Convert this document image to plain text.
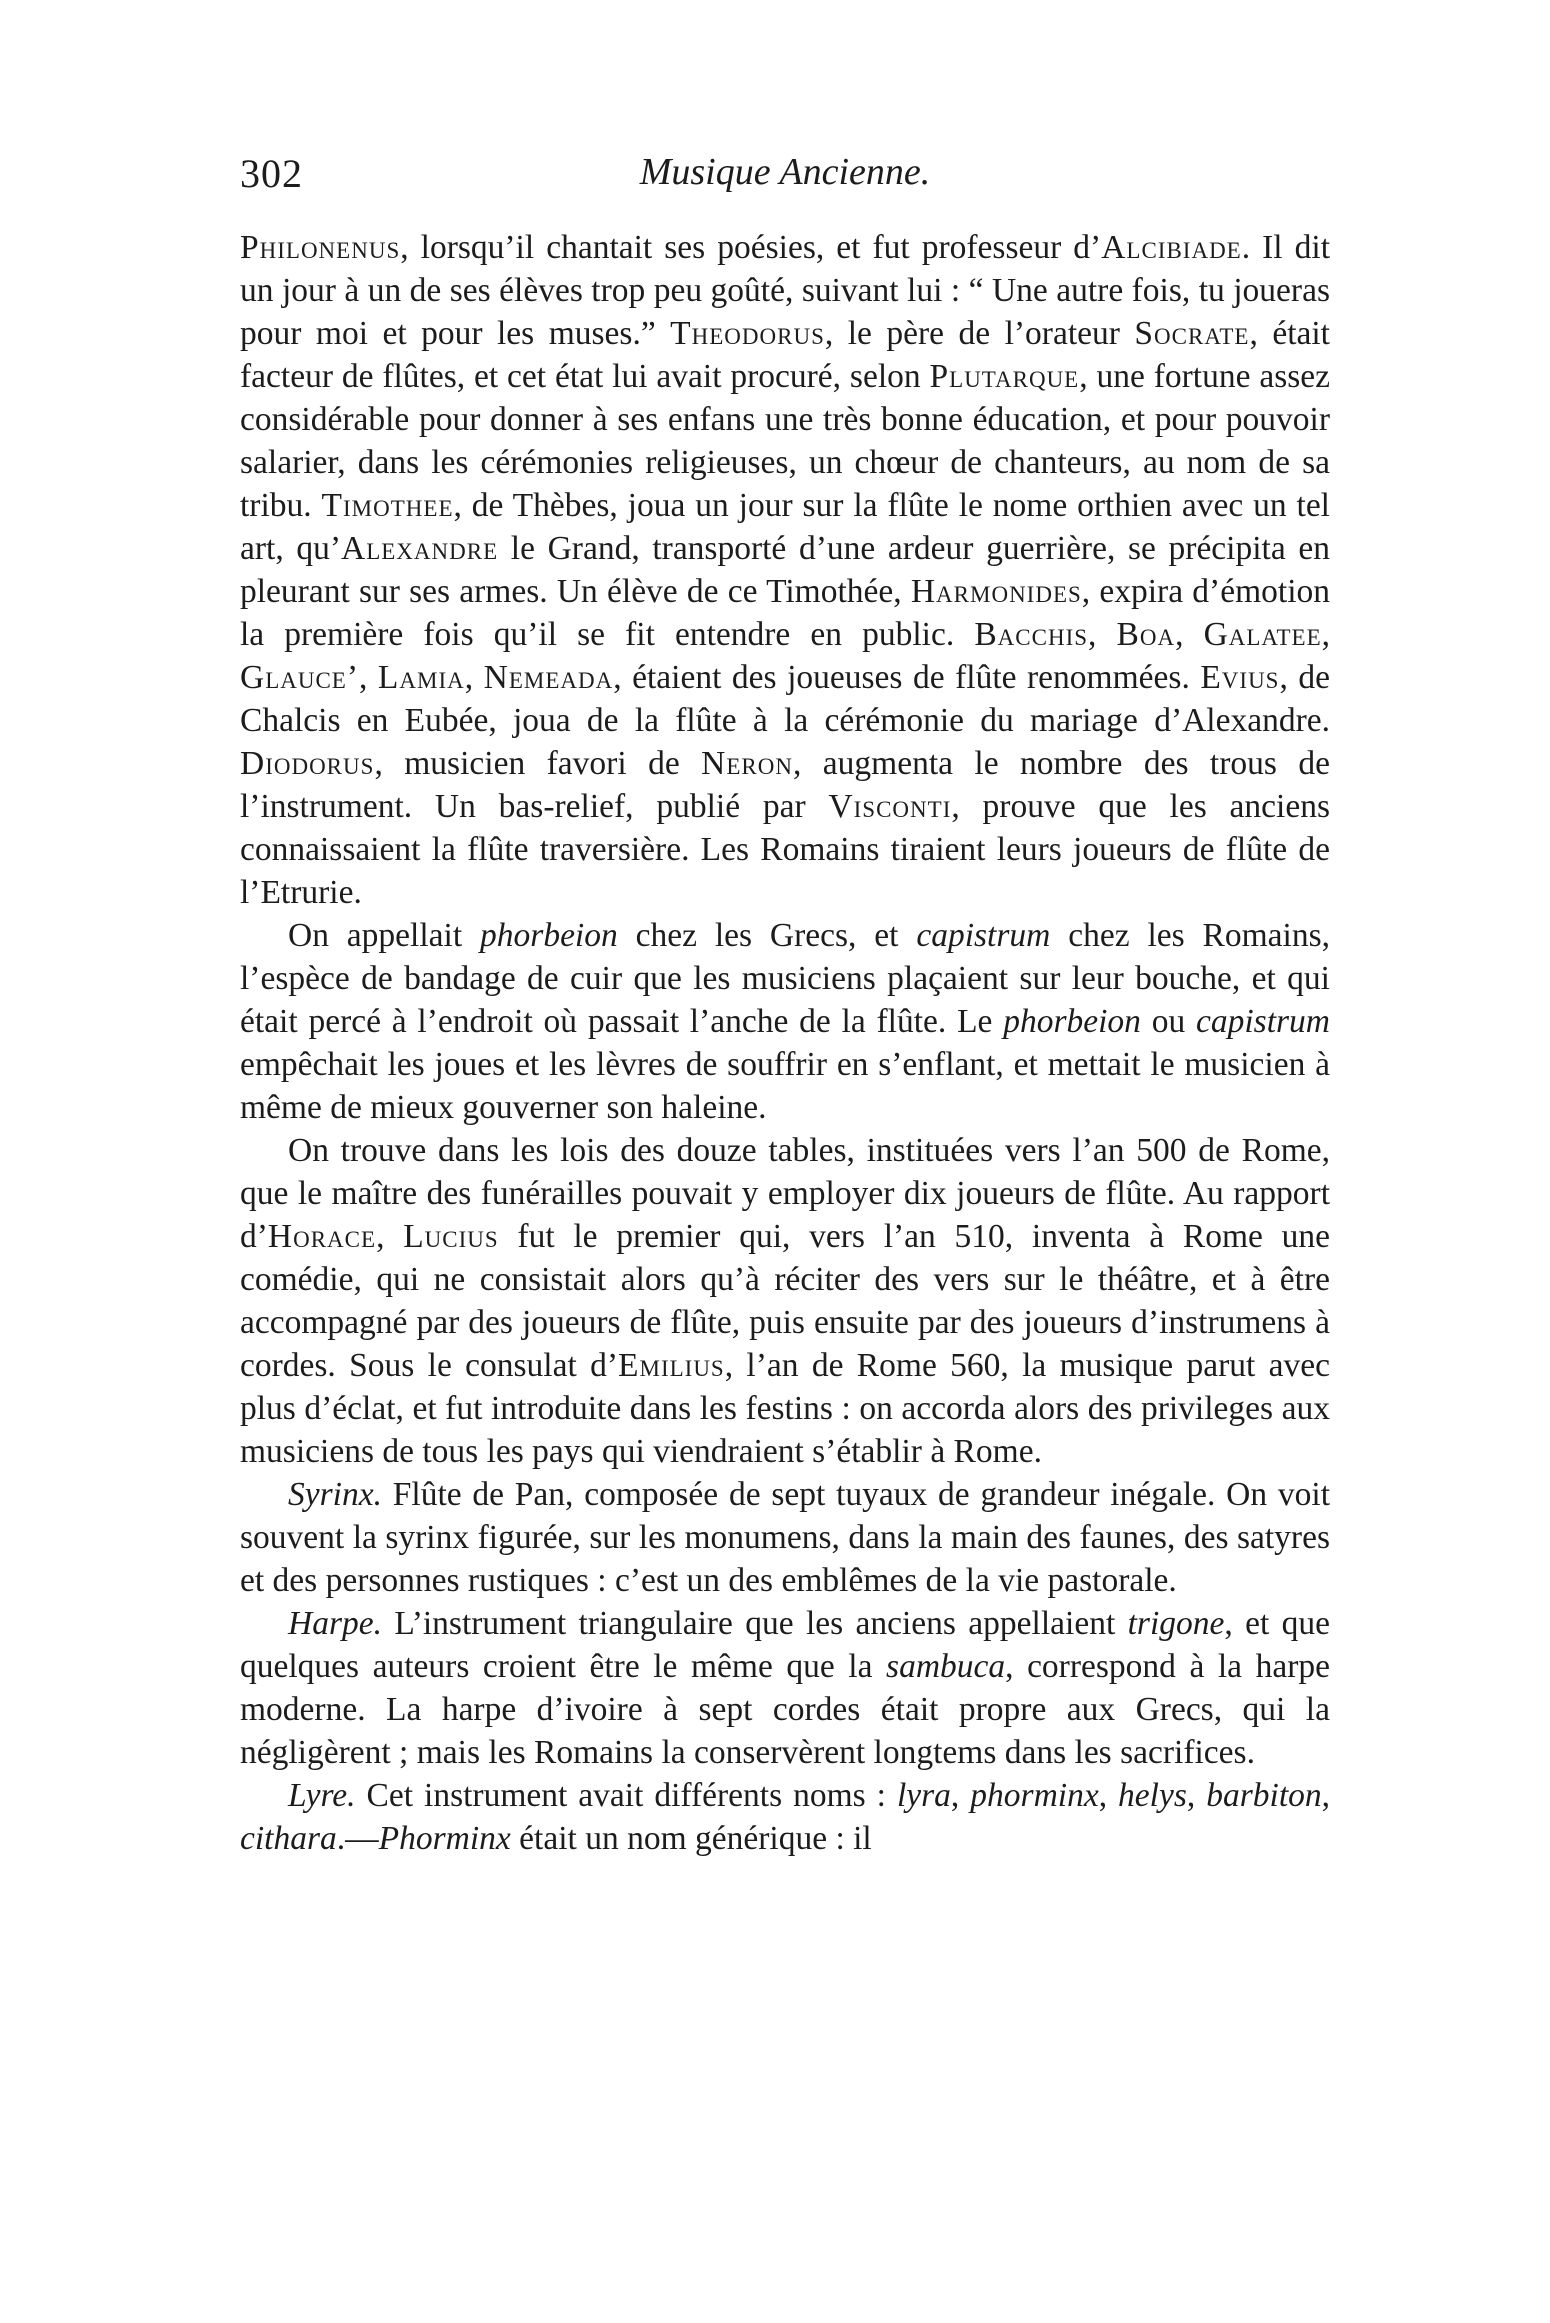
302	Musique Ancienne.

Philonenus, lorsqu’il chantait ses poésies, et fut professeur d’Alcibiade. Il dit un jour à un de ses élèves trop peu goûté, suivant lui : “ Une autre fois, tu joueras pour moi et pour les muses.” Theodorus, le père de l’orateur Socrate, était facteur de flûtes, et cet état lui avait procuré, selon Plutarque, une fortune assez considérable pour donner à ses enfans une très bonne éducation, et pour pouvoir salarier, dans les cérémonies religieuses, un chœur de chanteurs, au nom de sa tribu. Timothee, de Thèbes, joua un jour sur la flûte le nome orthien avec un tel art, qu’Alexandre le Grand, transporté d’une ardeur guerrière, se précipita en pleurant sur ses armes. Un élève de ce Timothée, Harmonides, expira d’émotion la première fois qu’il se fit entendre en public. Bacchis, Boa, Galatee, Glauce’, Lamia, Nemeada, étaient des joueuses de flûte renommées. Evius, de Chalcis en Eubée, joua de la flûte à la cérémonie du mariage d’Alexandre. Diodorus, musicien favori de Neron, augmenta le nombre des trous de l’instrument. Un bas-relief, publié par Visconti, prouve que les anciens connaissaient la flûte traversière. Les Romains tiraient leurs joueurs de flûte de l’Etrurie.

On appellait phorbeion chez les Grecs, et capistrum chez les Romains, l’espèce de bandage de cuir que les musiciens plaçaient sur leur bouche, et qui était percé à l’endroit où passait l’anche de la flûte. Le phorbeion ou capistrum empêchait les joues et les lèvres de souffrir en s’enflant, et mettait le musicien à même de mieux gouverner son haleine.

On trouve dans les lois des douze tables, instituées vers l’an 500 de Rome, que le maître des funérailles pouvait y employer dix joueurs de flûte. Au rapport d’Horace, Lucius fut le premier qui, vers l’an 510, inventa à Rome une comédie, qui ne consistait alors qu’à réciter des vers sur le théâtre, et à être accompagné par des joueurs de flûte, puis ensuite par des joueurs d’instrumens à cordes. Sous le consulat d’Emilius, l’an de Rome 560, la musique parut avec plus d’éclat, et fut introduite dans les festins : on accorda alors des privileges aux musiciens de tous les pays qui viendraient s’établir à Rome.

Syrinx. Flûte de Pan, composée de sept tuyaux de grandeur inégale. On voit souvent la syrinx figurée, sur les monumens, dans la main des faunes, des satyres et des personnes rustiques : c’est un des emblêmes de la vie pastorale.

Harpe. L’instrument triangulaire que les anciens appellaient trigone, et que quelques auteurs croient être le même que la sambuca, correspond à la harpe moderne. La harpe d’ivoire à sept cordes était propre aux Grecs, qui la négligèrent ; mais les Romains la conservèrent longtems dans les sacrifices.

Lyre. Cet instrument avait différents noms : lyra, phorminx, helys, barbiton, cithara.—Phorminx était un nom générique : il
